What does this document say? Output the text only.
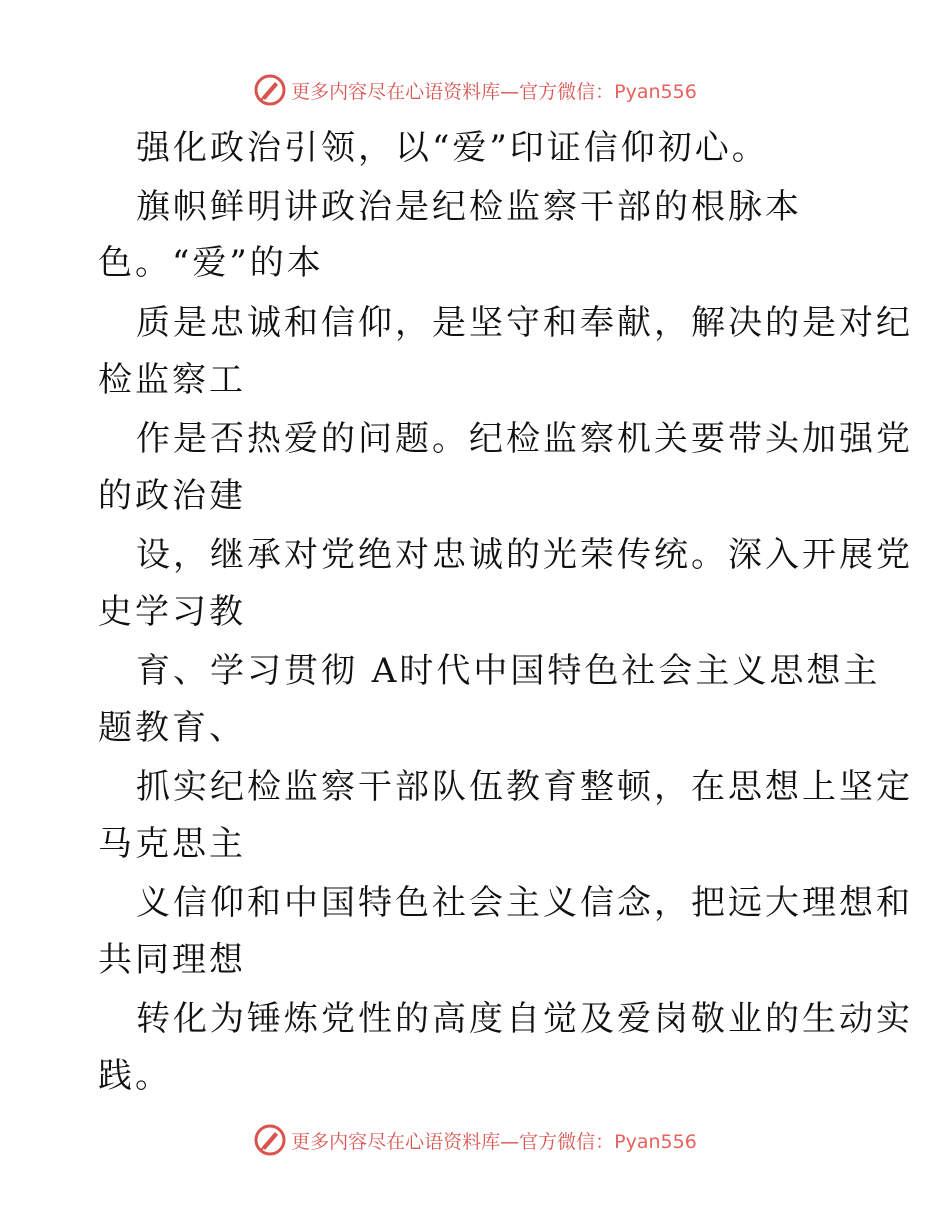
更多内容尽在心语资料库—官方微信：Pyan556
强化政治引领，以“爱”印证信仰初心。
旗帜鲜明讲政治是纪检监察干部的根脉本
色。“爱”的本
质是忠诚和信仰，是坚守和奉献，解决的是对纪
检监察工
作是否热爱的问题。纪检监察机关要带头加强党
的政治建
设，继承对党绝对忠诚的光荣传统。深入开展党
史学习教
育、学习贯彻 A时代中国特色社会主义思想主
题教育、
抓实纪检监察干部队伍教育整顿，在思想上坚定
马克思主
义信仰和中国特色社会主义信念，把远大理想和
共同理想
转化为锤炼党性的高度自觉及爱岗敬业的生动实
践。
更多内容尽在心语资料库—官方微信：Pyan556
